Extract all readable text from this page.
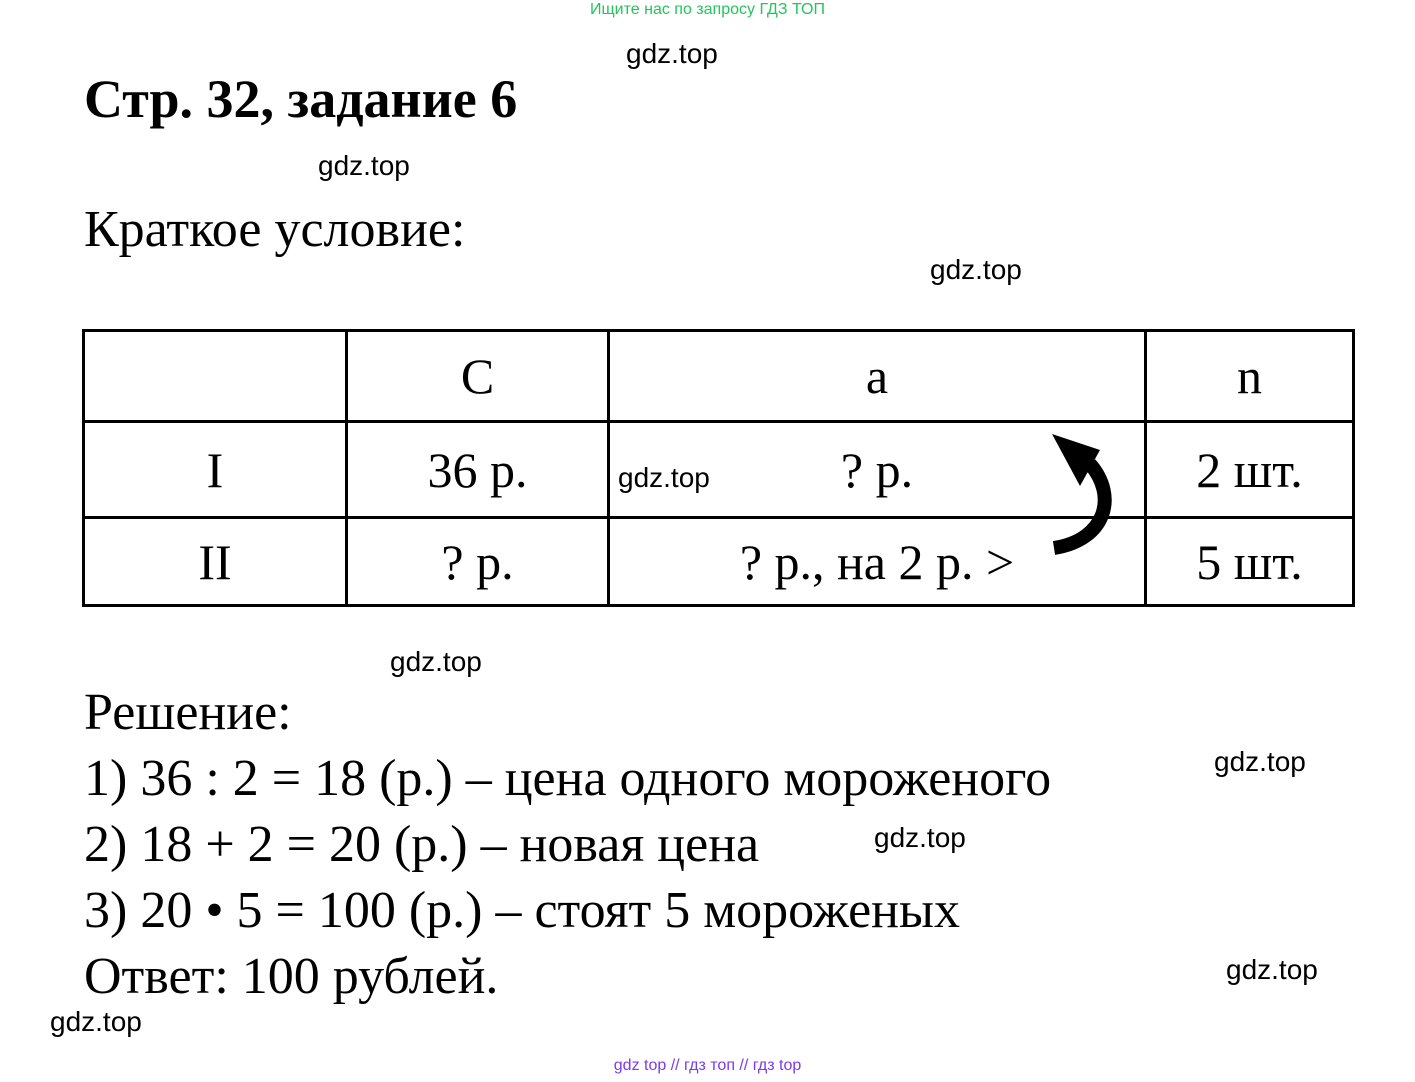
Ищите нас по запросу ГДЗ ТОП
gdz.top
gdz.top
gdz.top
gdz.top
gdz.top
gdz.top
gdz.top
gdz.top
Стр. 32, задание 6
Краткое условие:
	C	a	n
I	36 р.	? р.	2 шт.
II	? р.	? р., на 2 р. >	5 шт.
gdz.top
Решение:
1) 36 : 2 = 18 (р.) – цена одного мороженого
2) 18 + 2 = 20 (р.) – новая цена
3) 20 • 5 = 100 (р.) – стоят 5 мороженых
Ответ: 100 рублей.
gdz top // гдз топ // гдз top
